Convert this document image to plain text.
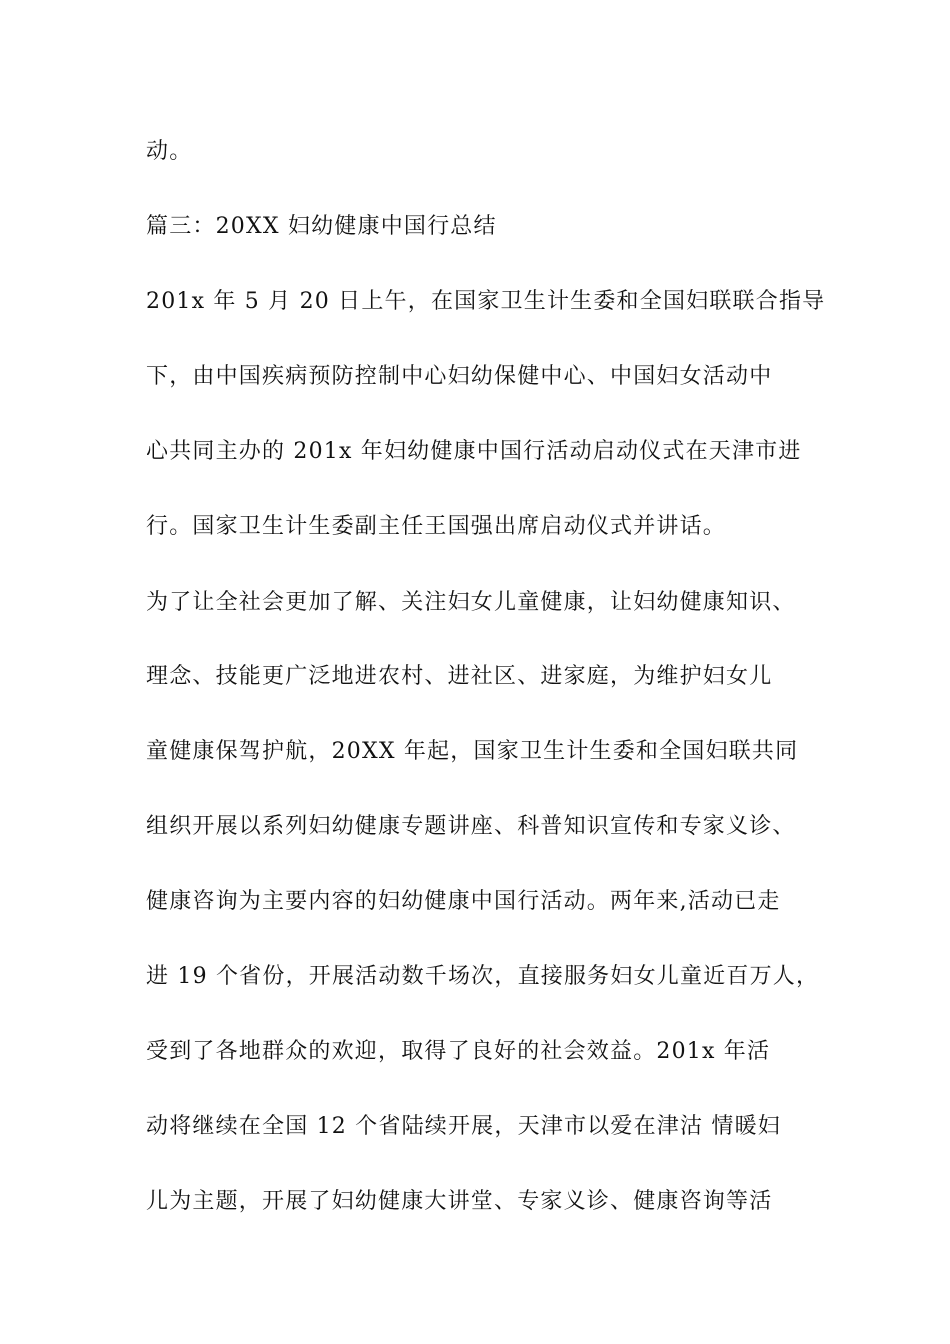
动。
篇三：20XX 妇幼健康中国行总结
201x 年 5 月 20 日上午，在国家卫生计生委和全国妇联联合指导
下，由中国疾病预防控制中心妇幼保健中心、中国妇女活动中
心共同主办的 201x 年妇幼健康中国行活动启动仪式在天津市进
行。国家卫生计生委副主任王国强出席启动仪式并讲话。
为了让全社会更加了解、关注妇女儿童健康，让妇幼健康知识、
理念、技能更广泛地进农村、进社区、进家庭，为维护妇女儿
童健康保驾护航，20XX 年起，国家卫生计生委和全国妇联共同
组织开展以系列妇幼健康专题讲座、科普知识宣传和专家义诊、
健康咨询为主要内容的妇幼健康中国行活动。两年来,活动已走
进 19 个省份，开展活动数千场次，直接服务妇女儿童近百万人，
受到了各地群众的欢迎，取得了良好的社会效益。201x 年活
动将继续在全国 12 个省陆续开展，天津市以爱在津沽 情暖妇
儿为主题，开展了妇幼健康大讲堂、专家义诊、健康咨询等活
